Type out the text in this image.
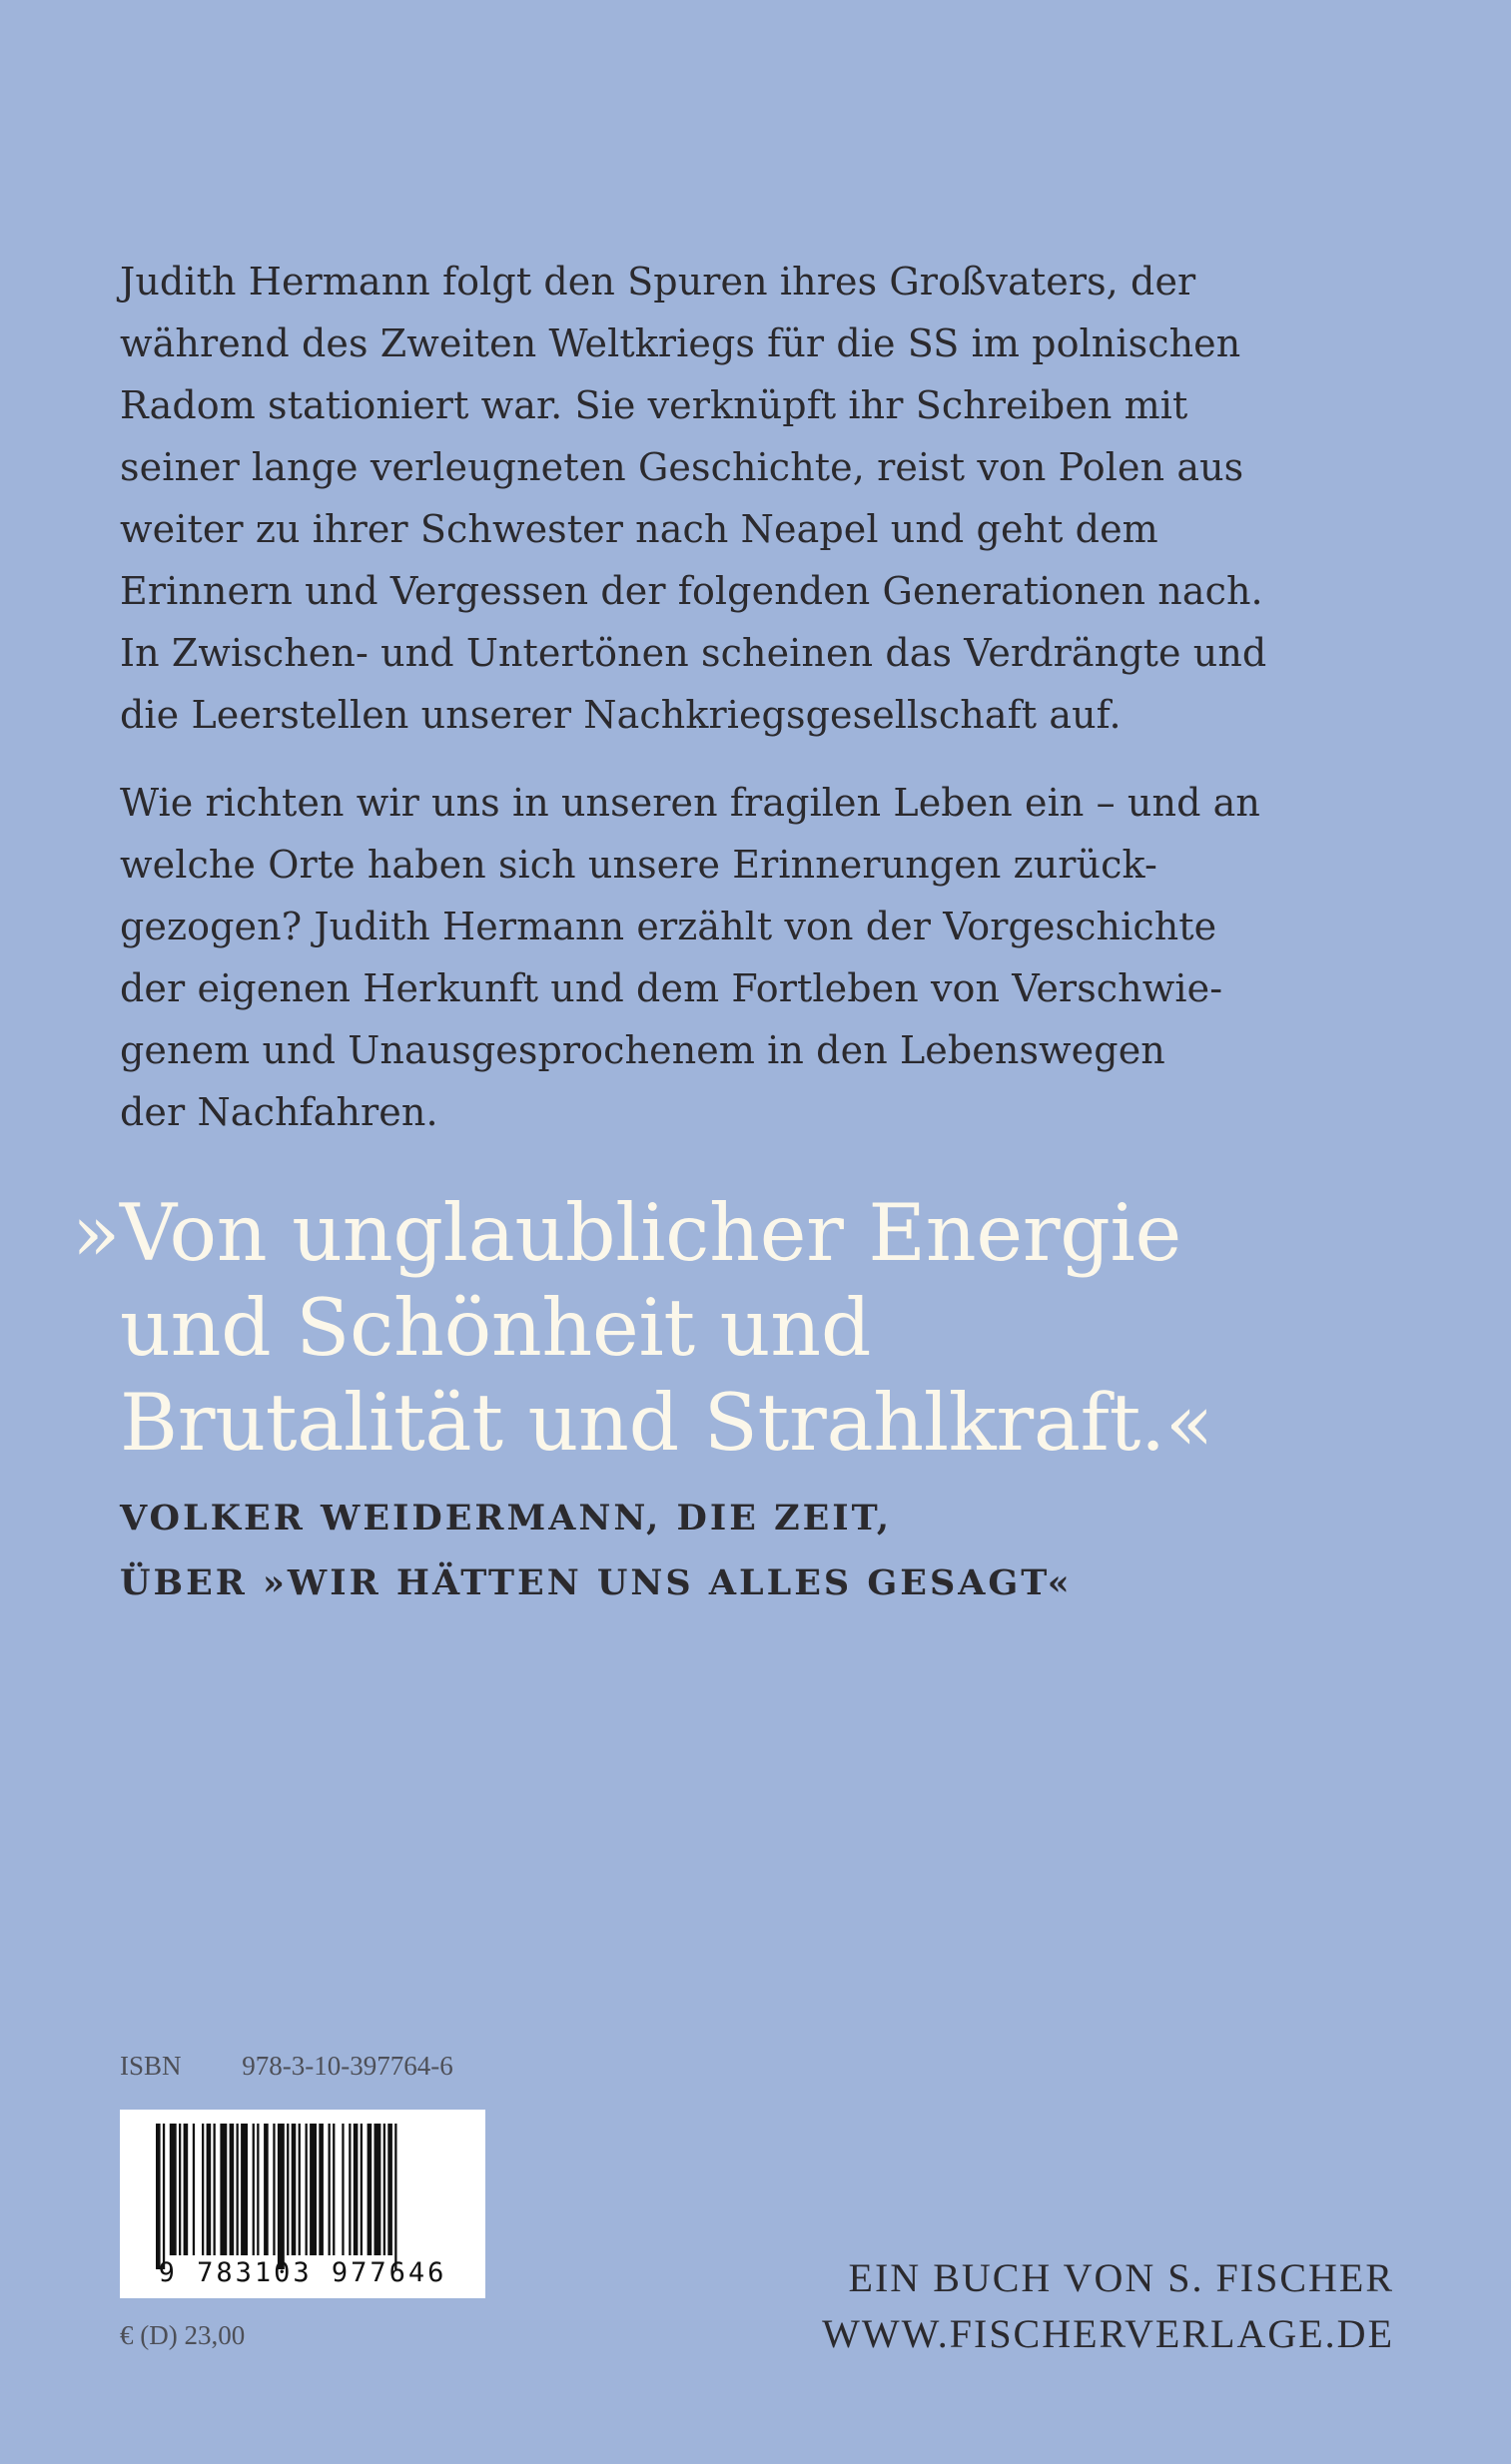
Judith Hermann folgt den Spuren ihres Großvaters, der
während des Zweiten Weltkriegs für die SS im polnischen
Radom stationiert war. Sie verknüpft ihr Schreiben mit
seiner lange verleugneten Geschichte, reist von Polen aus
weiter zu ihrer Schwester nach Neapel und geht dem
Erinnern und Vergessen der folgenden Generationen nach.
In Zwischen- und Untertönen scheinen das Verdrängte und
die Leerstellen unserer Nachkriegsgesellschaft auf.
Wie richten wir uns in unseren fragilen Leben ein – und an
welche Orte haben sich unsere Erinnerungen zurück-
gezogen? Judith Hermann erzählt von der Vorgeschichte
der eigenen Herkunft und dem Fortleben von Verschwie-
genem und Unausgesprochenem in den Lebenswegen
der Nachfahren.
»Von unglaublicher Energie
und Schönheit und
Brutalität und Strahlkraft.«
VOLKER WEIDERMANN, DIE ZEIT,
ÜBER »WIR HÄTTEN UNS ALLES GESAGT«
ISBN 978-3-10-397764-6
9 783103 977646
€ (D) 23,00
EIN BUCH VON S. FISCHER
WWW.FISCHERVERLAGE.DE
